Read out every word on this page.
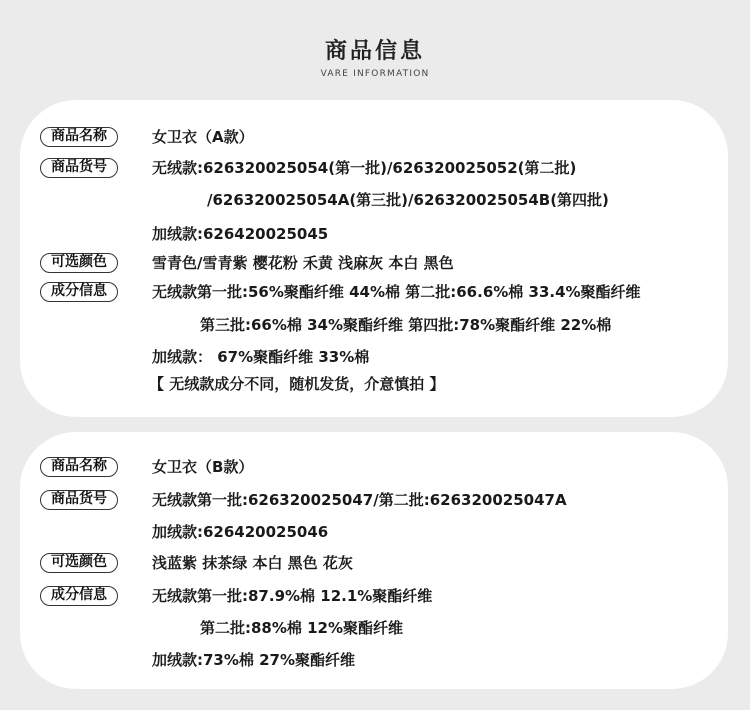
商品信息
VARE INFORMATION
商品名称	女卫衣（A款）
商品货号	无绒款:626320025054(第一批)/626320025052(第二批)
/626320025054A(第三批)/626320025054B(第四批)
加绒款:626420025045
可选颜色	雪青色/雪青紫 樱花粉 禾黄 浅麻灰 本白 黑色
成分信息	无绒款第一批:56%聚酯纤维 44%棉 第二批:66.6%棉 33.4%聚酯纤维
第三批:66%棉 34%聚酯纤维 第四批:78%聚酯纤维 22%棉
加绒款： 67%聚酯纤维 33%棉
【 无绒款成分不同，随机发货，介意慎拍 】
商品名称	女卫衣（B款）
商品货号	无绒款第一批:626320025047/第二批:626320025047A
加绒款:626420025046
可选颜色	浅蓝紫 抹茶绿 本白 黑色 花灰
成分信息	无绒款第一批:87.9%棉 12.1%聚酯纤维
第二批:88%棉 12%聚酯纤维
加绒款:73%棉 27%聚酯纤维
